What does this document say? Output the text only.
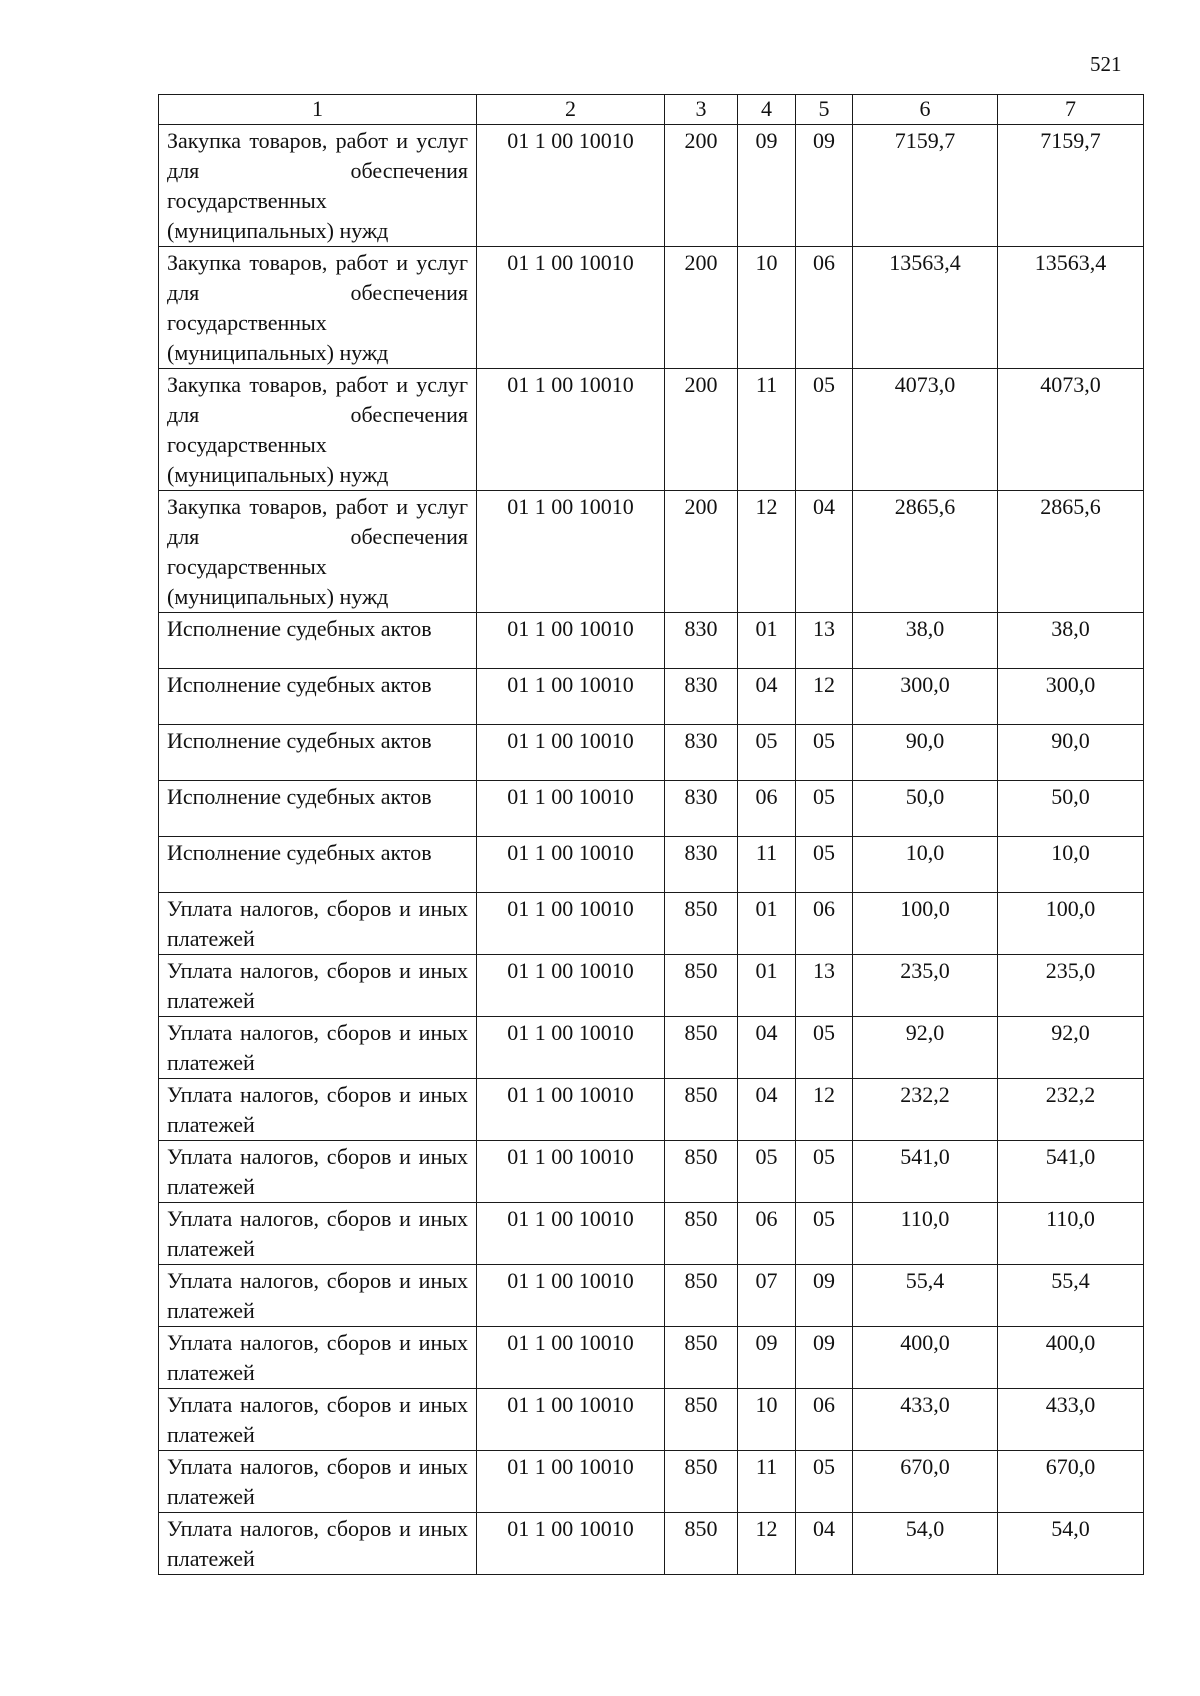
521
1	2	3	4	5	6	7
Закупка товаров, работ и услуг для обеспечения государственных (муниципальных) нужд	01 1 00 10010	200	09	09	7159,7	7159,7
Закупка товаров, работ и услуг для обеспечения государственных (муниципальных) нужд	01 1 00 10010	200	10	06	13563,4	13563,4
Закупка товаров, работ и услуг для обеспечения государственных (муниципальных) нужд	01 1 00 10010	200	11	05	4073,0	4073,0
Закупка товаров, работ и услуг для обеспечения государственных (муниципальных) нужд	01 1 00 10010	200	12	04	2865,6	2865,6
Исполнение судебных актов	01 1 00 10010	830	01	13	38,0	38,0
Исполнение судебных актов	01 1 00 10010	830	04	12	300,0	300,0
Исполнение судебных актов	01 1 00 10010	830	05	05	90,0	90,0
Исполнение судебных актов	01 1 00 10010	830	06	05	50,0	50,0
Исполнение судебных актов	01 1 00 10010	830	11	05	10,0	10,0
Уплата налогов, сборов и иных платежей	01 1 00 10010	850	01	06	100,0	100,0
Уплата налогов, сборов и иных платежей	01 1 00 10010	850	01	13	235,0	235,0
Уплата налогов, сборов и иных платежей	01 1 00 10010	850	04	05	92,0	92,0
Уплата налогов, сборов и иных платежей	01 1 00 10010	850	04	12	232,2	232,2
Уплата налогов, сборов и иных платежей	01 1 00 10010	850	05	05	541,0	541,0
Уплата налогов, сборов и иных платежей	01 1 00 10010	850	06	05	110,0	110,0
Уплата налогов, сборов и иных платежей	01 1 00 10010	850	07	09	55,4	55,4
Уплата налогов, сборов и иных платежей	01 1 00 10010	850	09	09	400,0	400,0
Уплата налогов, сборов и иных платежей	01 1 00 10010	850	10	06	433,0	433,0
Уплата налогов, сборов и иных платежей	01 1 00 10010	850	11	05	670,0	670,0
Уплата налогов, сборов и иных платежей	01 1 00 10010	850	12	04	54,0	54,0
